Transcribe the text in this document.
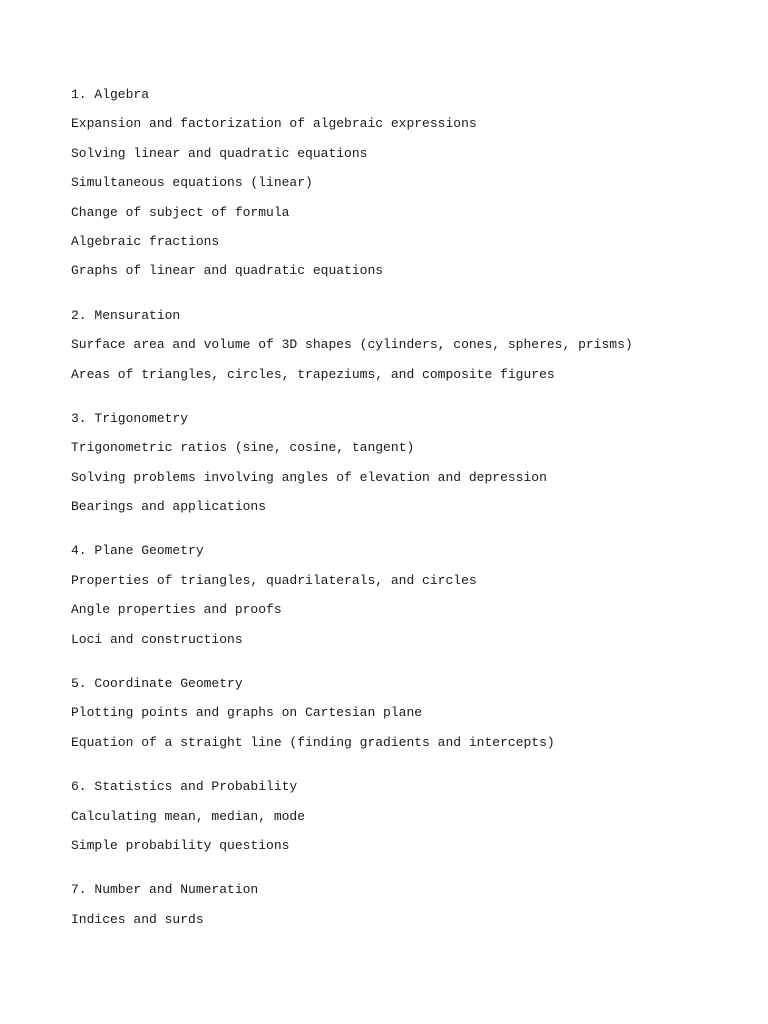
1. Algebra

Expansion and factorization of algebraic expressions

Solving linear and quadratic equations

Simultaneous equations (linear)

Change of subject of formula

Algebraic fractions

Graphs of linear and quadratic equations

2. Mensuration

Surface area and volume of 3D shapes (cylinders, cones, spheres, prisms)

Areas of triangles, circles, trapeziums, and composite figures

3. Trigonometry

Trigonometric ratios (sine, cosine, tangent)

Solving problems involving angles of elevation and depression

Bearings and applications

4. Plane Geometry

Properties of triangles, quadrilaterals, and circles

Angle properties and proofs

Loci and constructions

5. Coordinate Geometry

Plotting points and graphs on Cartesian plane

Equation of a straight line (finding gradients and intercepts)

6. Statistics and Probability

Calculating mean, median, mode

Simple probability questions

7. Number and Numeration

Indices and surds
